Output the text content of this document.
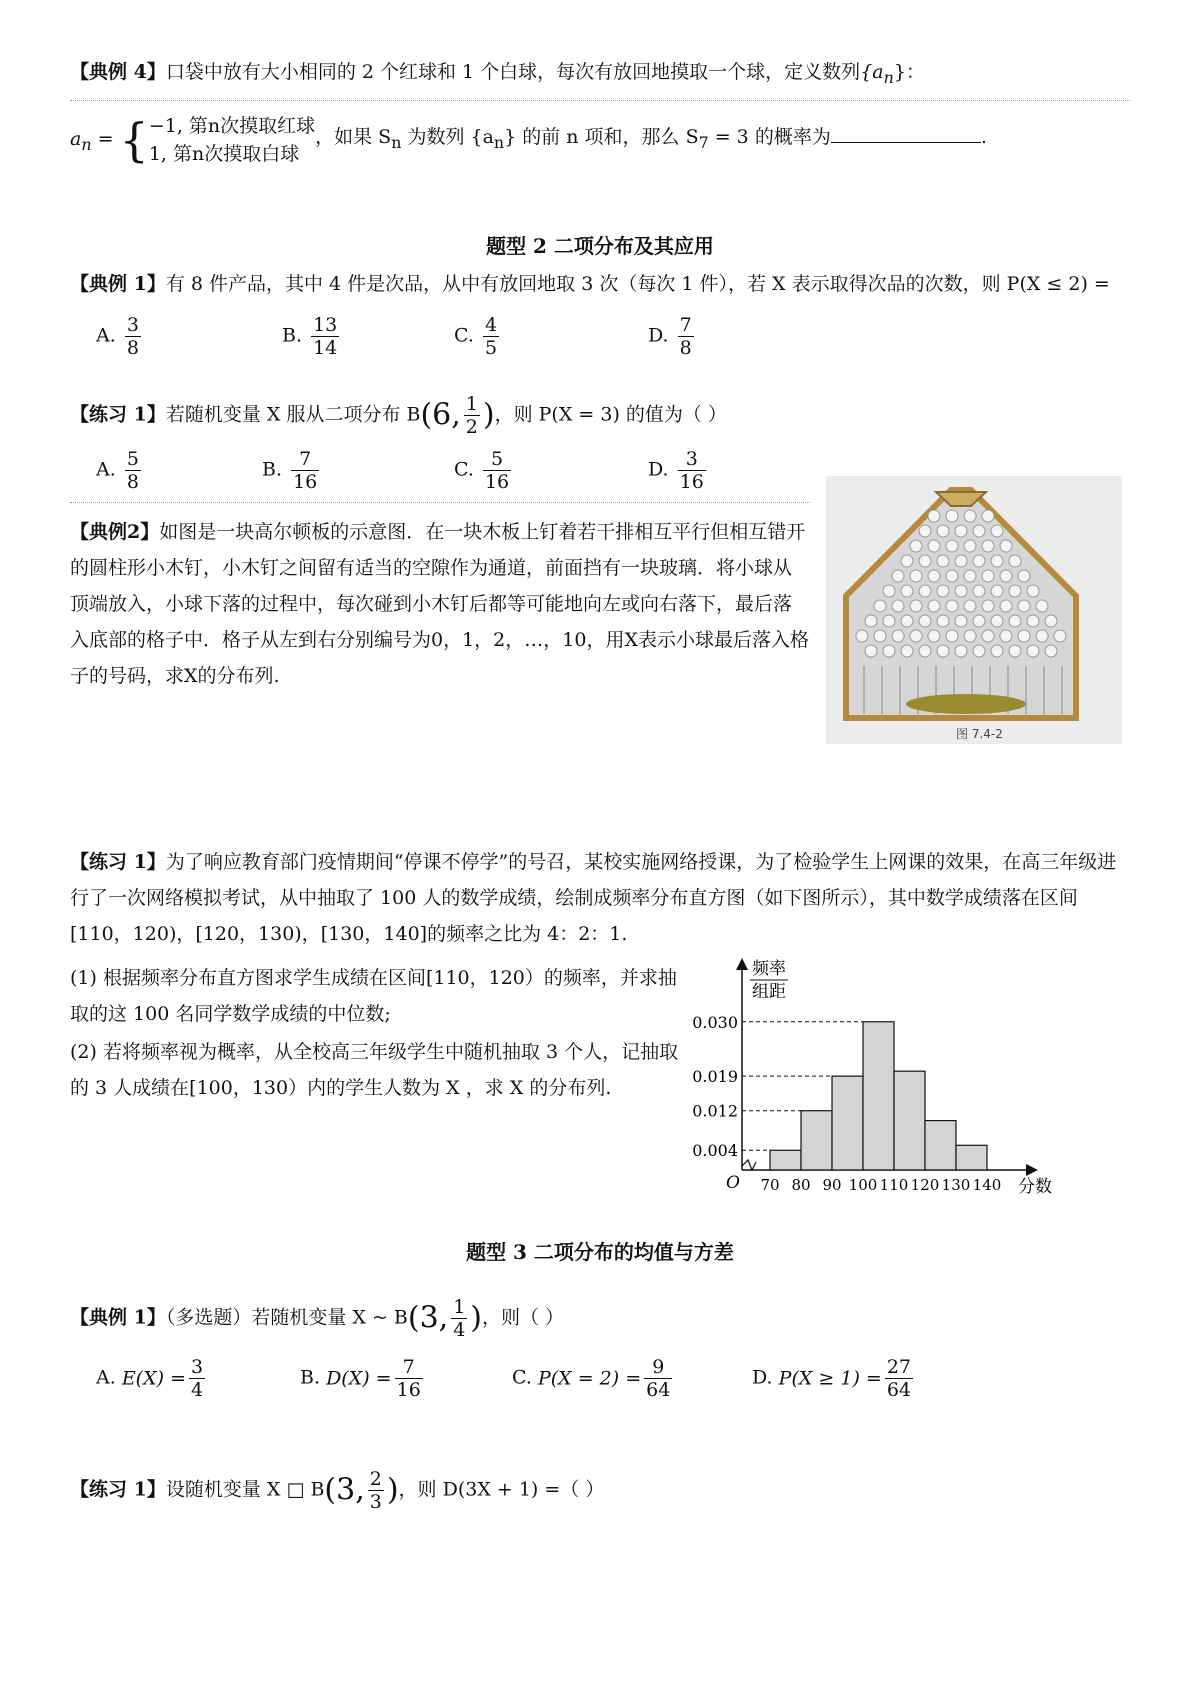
【典例 4】口袋中放有大小相同的 2 个红球和 1 个白球，每次有放回地摸取一个球，定义数列$\{a_n\}$：
$a_n$ = { −1, 第n次摸取红球
1, 第n次摸取白球
，如果 $S_n$ 为数列 $\{a_n\}$ 的前 n 项和，那么 $S_7 = 3$ 的概率为	.
题型 2 二项分布及其应用
【典例 1】有 8 件产品，其中 4 件是次品，从中有放回地取 3 次（每次 1 件），若 X 表示取得次品的次数，则 P(X ≤ 2) =
A. $\frac{3}{8}$	B. $\frac{13}{14}$	C. $\frac{4}{5}$	D. $\frac{7}{8}$
【练习 1】若随机变量 X 服从二项分布 B(6, $\frac{1}{2}$ )，则 P(X = 3) 的值为（ ）
A. $\frac{5}{8}$	B. $\frac{7}{16}$	C. $\frac{5}{16}$	D. $\frac{3}{16}$
【典例2】如图是一块高尔顿板的示意图．在一块木板上钉着若干排相互平行但相互错开的圆柱形小木钉，小木钉之间留有适当的空隙作为通道，前面挡有一块玻璃．将小球从顶端放入，小球下落的过程中，每次碰到小木钉后都等可能地向左或向右落下，最后落入底部的格子中．格子从左到右分别编号为0，1，2，…，10，用X表示小球最后落入格子的号码，求X的分布列.
图 7.4-2
【练习 1】为了响应教育部门疫情期间“停课不停学”的号召，某校实施网络授课，为了检验学生上网课的效果，在高三年级进行了一次网络模拟考试，从中抽取了 100 人的数学成绩，绘制成频率分布直方图（如下图所示），其中数学成绩落在区间[110，120)，[120，130)，[130，140]的频率之比为 4：2：1.
(1) 根据频率分布直方图求学生成绩在区间[110，120）的频率，并求抽取的这 100 名同学数学成绩的中位数;
(2) 若将频率视为概率，从全校高三年级学生中随机抽取 3 个人，记抽取的 3 人成绩在[100，130）内的学生人数为 X ，求 X 的分布列.
0.030
0.019
0.012
0.004
70 80 90 100 110 120 130 140
频率
组距
O	分数
题型 3 二项分布的均值与方差
【典例 1】（多选题）若随机变量 X ~ B(3, $\frac{1}{4}$ )，则（ ）
A. $E(X) = \frac{3}{4}$	B. $D(X) = \frac{7}{16}$	C. $P(X = 2) = \frac{9}{64}$	D. $P(X \ge 1) = \frac{27}{64}$
【练习 1】设随机变量 X □ B(3, $\frac{2}{3}$ )，则 D(3X + 1) =（ ）
